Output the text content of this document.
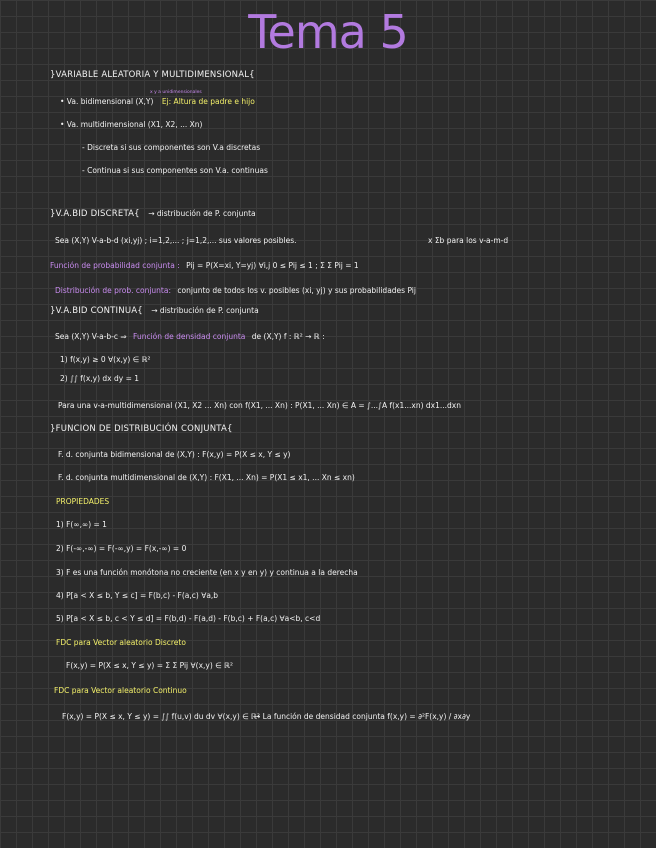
Tema 5
}VARIABLE ALEATORIA Y MULTIDIMENSIONAL{
• Va. bidimensional (X,Y) Ej: Altura de padre e hijo
x y a unidimensionales
• Va. multidimensional (X1, X2, ... Xn)
- Discreta si sus componentes son V.a discretas
- Continua si sus componentes son V.a. continuas
}V.A.BID DISCRETA{ → distribución de P. conjunta
Sea (X,Y) V-a-b-d (xi,yj) ; i=1,2,... ; j=1,2,... sus valores posibles.	x Σb para los v-a-m-d
Función de probabilidad conjunta : Pij = P(X=xi, Y=yj) ∀i,j 0 ≤ Pij ≤ 1 ; Σ Σ Pij = 1
Distribución de prob. conjunta: conjunto de todos los v. posibles (xi, yj) y sus probabilidades Pij
}V.A.BID CONTINUA{ → distribución de P. conjunta
Sea (X,Y) V-a-b-c ⇒ Función de densidad conjunta de (X,Y) f : ℝ² → ℝ :
1) f(x,y) ≥ 0 ∀(x,y) ∈ ℝ²
2) ∫∫ f(x,y) dx dy = 1
Para una v-a-multidimensional (X1, X2 ... Xn) con f(X1, ... Xn) : P(X1, ... Xn) ∈ A = ∫...∫A f(x1...xn) dx1...dxn
}FUNCION DE DISTRIBUCIÓN CONJUNTA{
F. d. conjunta bidimensional de (X,Y) : F(x,y) = P(X ≤ x, Y ≤ y)
F. d. conjunta multidimensional de (X,Y) : F(X1, ... Xn) = P(X1 ≤ x1, ... Xn ≤ xn)
PROPIEDADES
1) F(∞,∞) = 1
2) F(-∞,-∞) = F(-∞,y) = F(x,-∞) = 0
3) F es una función monótona no creciente (en x y en y) y continua a la derecha
4) P[a < X ≤ b, Y ≤ c] = F(b,c) - F(a,c) ∀a,b
5) P[a < X ≤ b, c < Y ≤ d] = F(b,d) - F(a,d) - F(b,c) + F(a,c) ∀a<b, c<d
FDC para Vector aleatorio Discreto
F(x,y) = P(X ≤ x, Y ≤ y) = Σ Σ Pij ∀(x,y) ∈ ℝ²
FDC para Vector aleatorio Continuo
F(x,y) = P(X ≤ x, Y ≤ y) = ∫∫ f(u,v) du dv ∀(x,y) ∈ ℝ²
→ La función de densidad conjunta f(x,y) = ∂²F(x,y) / ∂x∂y
